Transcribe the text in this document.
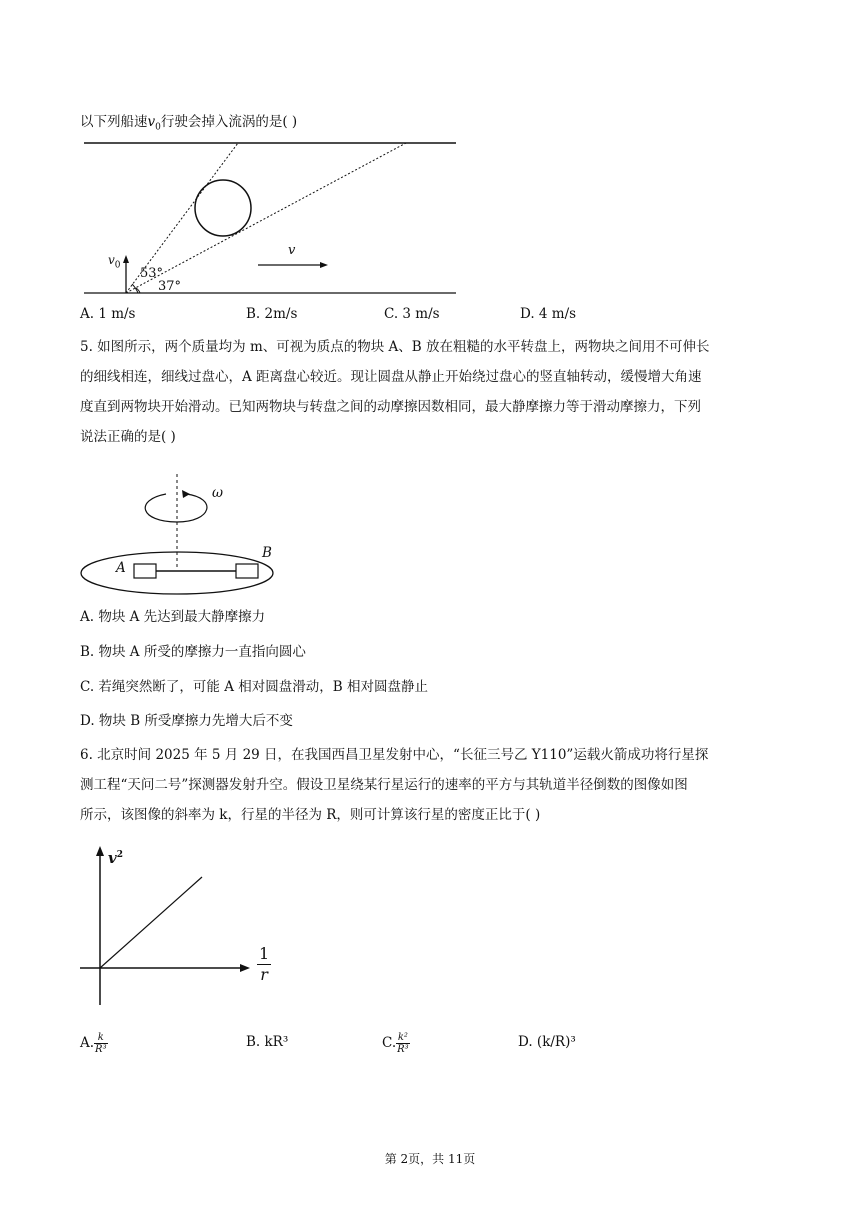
以下列船速$v_0$行驶会掉入流涡的是( )
$v_0$
53°
37°
v
A. 1 m/s	B. 2m/s	C. 3 m/s	D. 4 m/s
5. 如图所示，两个质量均为 m、可视为质点的物块 A、B 放在粗糙的水平转盘上，两物块之间用不可伸长
的细线相连，细线过盘心，A 距离盘心较近。现让圆盘从静止开始绕过盘心的竖直轴转动，缓慢增大角速
度直到两物块开始滑动。已知两物块与转盘之间的动摩擦因数相同，最大静摩擦力等于滑动摩擦力，下列
说法正确的是( )
ω
A
B
A. 物块 A 先达到最大静摩擦力
B. 物块 A 所受的摩擦力一直指向圆心
C. 若绳突然断了，可能 A 相对圆盘滑动，B 相对圆盘静止
D. 物块 B 所受摩擦力先增大后不变
6. 北京时间 2025 年 5 月 29 日，在我国西昌卫星发射中心，“长征三号乙 Y110”运载火箭成功将行星探
测工程“天问二号”探测器发射升空。假设卫星绕某行星运行的速率的平方与其轨道半径倒数的图像如图
所示，该图像的斜率为 k，行星的半径为 R，则可计算该行星的密度正比于( )
$v^2$
$\frac{1}{r}$
A. $\frac{k}{\text{R³}}$	B. kR³	C. $\frac{\text{k²}}{\text{R³}}$	D. (k/R)³
第 2页，共 11页
